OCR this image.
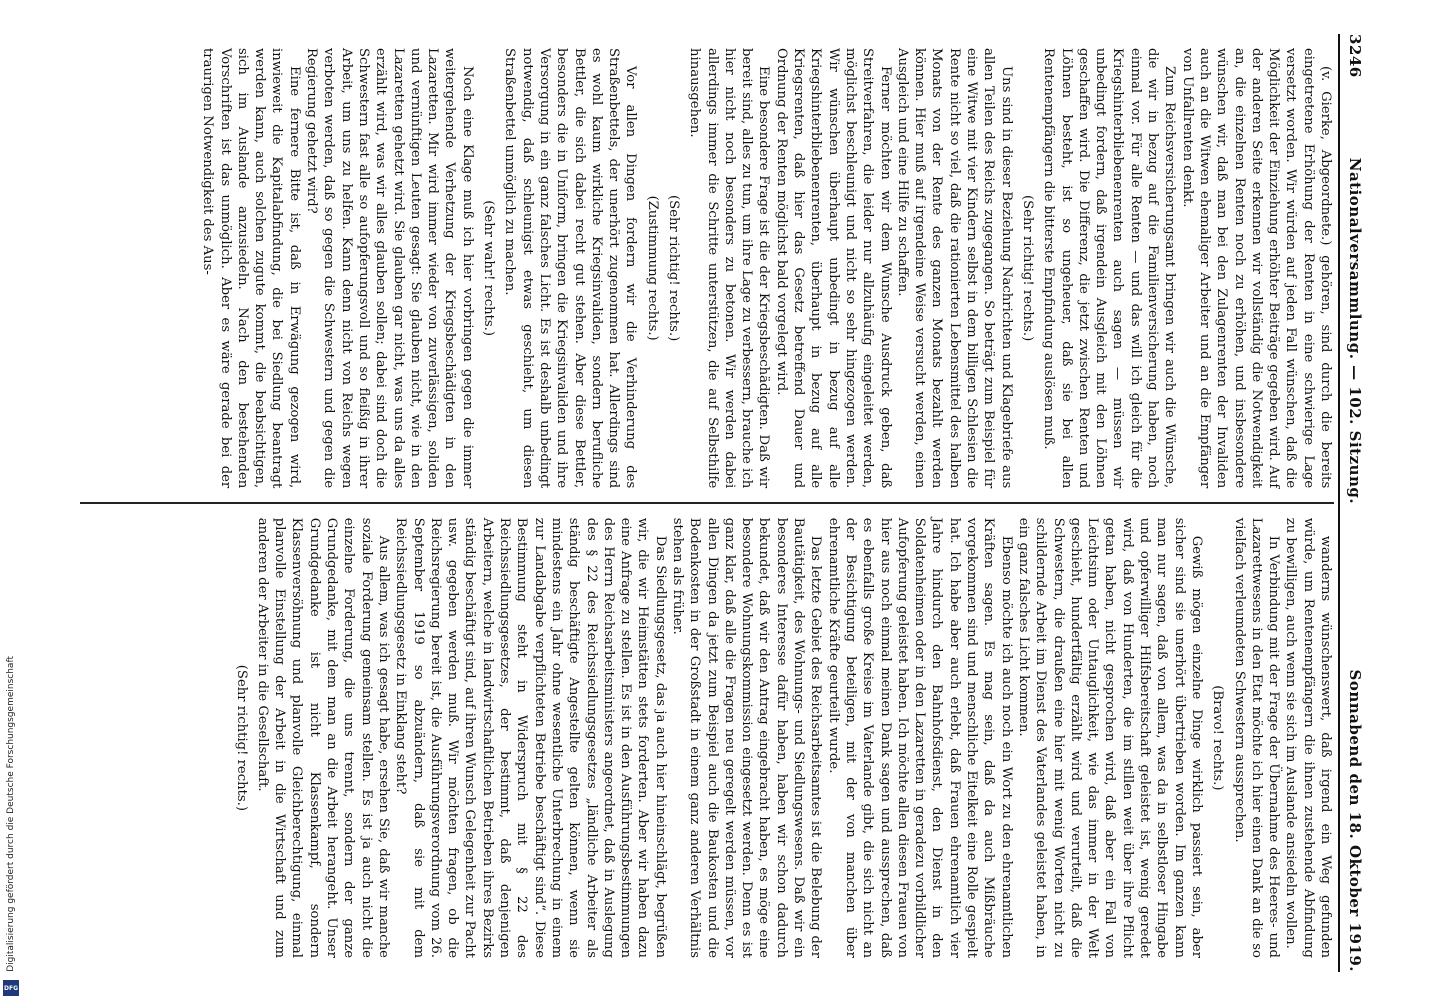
Digitalisierung gefördert durch die Deutsche Forschungsgemeinschaft
DFG
3246
Nationalversammlung. — 102. Sitzung.
Sonnabend den 18. Oktober 1919.

(v. Gierke, Abgeordnete.) gehören, sind durch die bereits eingetretene Erhöhung der Renten in eine schwierige Lage versetzt worden. Wir würden auf jeden Fall wünschen, daß die Möglichkeit der Einziehung erhöhter Beiträge gegeben wird. Auf der anderen Seite erkennen wir vollständig die Notwendigkeit an, die einzelnen Renten noch zu erhöhen, und insbesondere wünschen wir, daß man bei den Zulagenrenten der Invaliden auch an die Witwen ehemaliger Arbeiter und an die Empfänger von Unfallrenten denkt.

Zum Reichsversicherungsamt bringen wir auch die Wünsche, die wir in bezug auf die Familienversicherung haben, noch einmal vor. Für alle Renten — und das will ich gleich für die Kriegshinterbliebenenrenten auch sagen — müssen wir unbedingt fordern, daß irgendein Ausgleich mit den Löhnen geschaffen wird. Die Differenz, die jetzt zwischen Renten und Löhnen besteht, ist so ungeheuer, daß sie bei allen Rentenempfängern die bitterste Empfindung auslösen muß.

(Sehr richtig! rechts.)

Uns sind in dieser Beziehung Nachrichten und Klagebriefe aus allen Teilen des Reichs zugegangen. So beträgt zum Beispiel für eine Witwe mit vier Kindern selbst in dem billigen Schlesien die Rente nicht so viel, daß die rationierten Lebensmittel des halben Monats von der Rente des ganzen Monats bezahlt werden können. Hier muß auf irgendeine Weise versucht werden, einen Ausgleich und eine Hilfe zu schaffen.

Ferner möchten wir dem Wunsche Ausdruck geben, daß Streitverfahren, die leider nur allzuhäufig eingeleitet werden, möglichst beschleunigt und nicht so sehr hingezogen werden. Wir wünschen überhaupt unbedingt in bezug auf alle Kriegshinterbliebenenrenten, überhaupt in bezug auf alle Kriegsrenten, daß hier das Gesetz betreffend Dauer und Ordnung der Renten möglichst bald vorgelegt wird.

Eine besondere Frage ist die der Kriegsbeschädigten. Daß wir bereit sind, alles zu tun, um ihre Lage zu verbessern, brauche ich hier nicht noch besonders zu betonen. Wir werden dabei allerdings immer die Schritte unterstützen, die auf Selbsthilfe hinausgehen.

(Sehr richtig! rechts.)

(Zustimmung rechts.)

Vor allen Dingen fordern wir die Verhinderung des Straßenbettels, der unerhört zugenommen hat. Allerdings sind es wohl kaum wirkliche Kriegsinvaliden, sondern berufliche Bettler, die sich dabei recht gut stehen. Aber diese Bettler, besonders die in Uniform, bringen die Kriegsinvaliden und ihre Versorgung in ein ganz falsches Licht. Es ist deshalb unbedingt notwendig, daß schleunigst etwas geschieht, um diesen Straßenbettel unmöglich zu machen.

(Sehr wahr! rechts.)

Noch eine Klage muß ich hier vorbringen gegen die immer weitergehende Verhetzung der Kriegsbeschädigten in den Lazaretten. Mir wird immer wieder von zuverlässigen, soliden und vernünftigen Leuten gesagt: Sie glauben nicht, wie in den Lazaretten gehetzt wird. Sie glauben gar nicht, was uns da alles erzählt wird, was wir alles glauben sollen; dabei sind doch die Schwestern fast alle so aufopferungsvoll und so fleißig in ihrer Arbeit, um uns zu helfen. Kann denn nicht von Reichs wegen verboten werden, daß so gegen die Schwestern und gegen die Regierung gehetzt wird?

Eine fernere Bitte ist, daß in Erwägung gezogen wird, inwieweit die Kapitalabfindung, die bei Siedlung beantragt werden kann, auch solchen zugute kommt, die beabsichtigen, sich im Auslande anzusiedeln. Nach den bestehenden Vorschriften ist das unmöglich. Aber es wäre gerade bei der traurigen Notwendigkeit des Aus-

wanderns wünschenswert, daß irgend ein Weg gefunden würde, um Rentenempfängern die ihnen zustehende Abfindung zu bewilligen, auch wenn sie sich im Auslande ansiedeln wollen.

In Verbindung mit der Frage der Übernahme des Heeres- und Lazarettwesens in den Etat möchte ich hier einen Dank an die so vielfach verleumdeten Schwestern aussprechen.

(Bravo! rechts.)

Gewiß mögen einzelne Dinge wirklich passiert sein, aber sicher sind sie unerhört übertrieben worden. Im ganzen kann man nur sagen, daß von allem, was da in selbstloser Hingabe und opferwilliger Hilfsbereitschaft geleistet ist, wenig geredet wird, daß von Hunderten, die im stillen weit über ihre Pflicht getan haben, nicht gesprochen wird, daß aber ein Fall von Leichtsinn oder Untauglichkeit, wie das immer in der Welt geschieht, hundertfältig erzählt wird und verurteilt, daß die Schwestern, die draußen eine hier mit wenig Worten nicht zu schildernde Arbeit im Dienst des Vaterlandes geleistet haben, in ein ganz falsches Licht kommen.

Ebenso möchte ich auch noch ein Wort zu den ehrenamtlichen Kräften sagen. Es mag sein, daß da auch Mißbräuche vorgekommen sind und menschliche Eitelkeit eine Rolle gespielt hat. Ich habe aber auch erlebt, daß Frauen ehrenamtlich vier Jahre hindurch den Bahnhofsdienst, den Dienst in den Soldatenheimen oder in den Lazaretten in geradezu vorbildlicher Aufopferung geleistet haben. Ich möchte allen diesen Frauen von hier aus noch einmal meinen Dank sagen und aussprechen, daß es ebenfalls große Kreise im Vaterlande gibt, die sich nicht an der Besichtigung beteiligen, mit der von manchen über ehrenamtliche Kräfte geurteilt wurde.

Das letzte Gebiet des Reichsarbeitsamtes ist die Belebung der Bautätigkeit, des Wohnungs- und Siedlungswesens. Daß wir ein besonderes Interesse dafür haben, haben wir schon dadurch bekundet, daß wir den Antrag eingebracht haben, es möge eine besondere Wohnungskommission eingesetzt werden. Denn es ist ganz klar, daß alle die Fragen neu geregelt werden müssen, vor allen Dingen da jetzt zum Beispiel auch die Baukosten und die Bodenkosten in der Großstadt in einem ganz anderen Verhältnis stehen als früher.

Das Siedlungsgesetz, das ja auch hier hineinschlägt, begrüßen wir, die wir Heimstätten stets forderten. Aber wir haben dazu eine Anfrage zu stellen. Es ist in den Ausführungsbestimmungen des Herrn Reichsarbeitsministers angeordnet, daß in Auslegung des § 22 des Reichssiedlungsgesetzes „ländliche Arbeiter als ständig beschäftigte Angestellte gelten können, wenn sie mindestens ein Jahr ohne wesentliche Unterbrechung in einem zur Landabgabe verpflichteten Betriebe beschäftigt sind“. Diese Bestimmung steht in Widerspruch mit § 22 des Reichssiedlungsgesetzes, der bestimmt, daß denjenigen Arbeitern, welche in landwirtschaftlichen Betrieben ihres Bezirks ständig beschäftigt sind, auf ihren Wunsch Gelegenheit zur Pacht usw. gegeben werden muß. Wir möchten fragen, ob die Reichsregierung bereit ist, die Ausführungsverordnung vom 26. September 1919 so abzuändern, daß sie mit dem Reichssiedlungsgesetz in Einklang steht?

Aus allem, was ich gesagt habe, ersehen Sie, daß wir manche soziale Forderung gemeinsam stellen. Es ist ja auch nicht die einzelne Forderung, die uns trennt, sondern der ganze Grundgedanke, mit dem man an die Arbeit herangeht. Unser Grundgedanke ist nicht Klassenkampf, sondern Klassenversöhnung und planvolle Gleichberechtigung, einmal planvolle Einstellung der Arbeit in die Wirtschaft und zum anderen der Arbeiter in die Gesellschaft.

(Sehr richtig! rechts.)
